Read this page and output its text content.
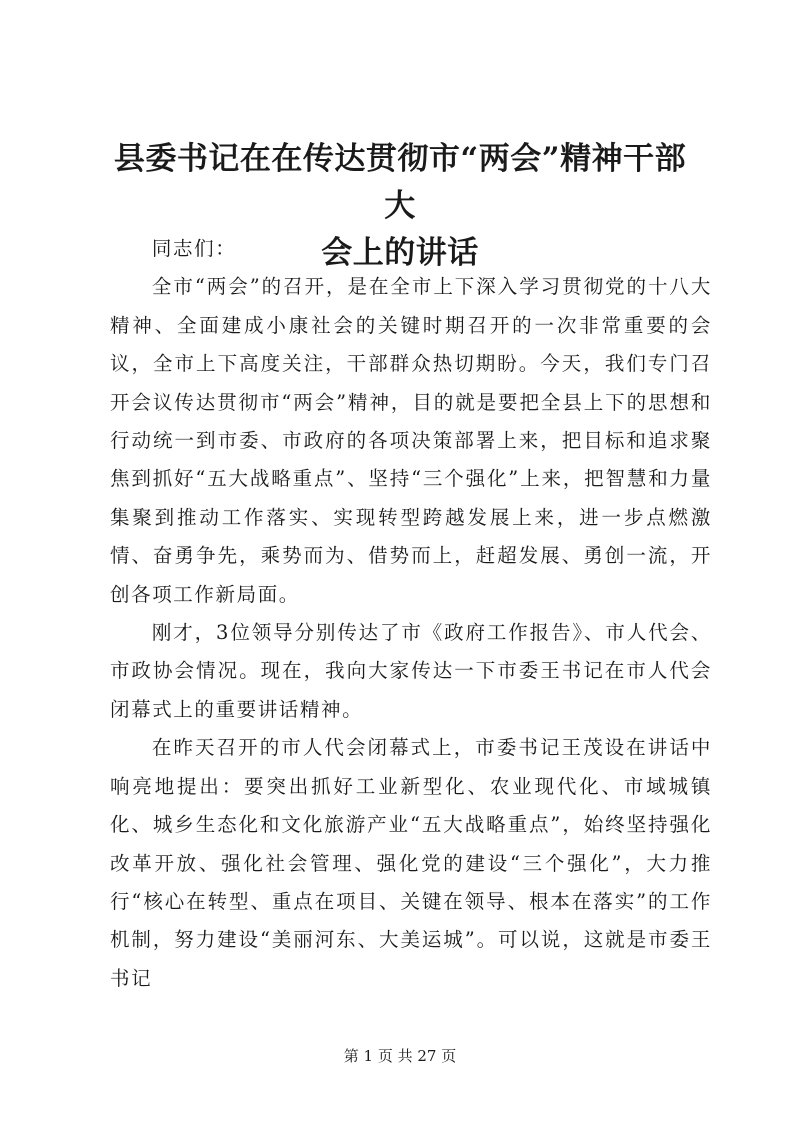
县委书记在在传达贯彻市“两会”精神干部大
会上的讲话

同志们：

全市“两会”的召开，是在全市上下深入学习贯彻党的十八大精神、全面建成小康社会的关键时期召开的一次非常重要的会议，全市上下高度关注，干部群众热切期盼。今天，我们专门召开会议传达贯彻市“两会”精神，目的就是要把全县上下的思想和行动统一到市委、市政府的各项决策部署上来，把目标和追求聚焦到抓好“五大战略重点”、坚持“三个强化”上来，把智慧和力量集聚到推动工作落实、实现转型跨越发展上来，进一步点燃激情、奋勇争先，乘势而为、借势而上，赶超发展、勇创一流，开创各项工作新局面。

刚才，3位领导分别传达了市《政府工作报告》、市人代会、市政协会情况。现在，我向大家传达一下市委王书记在市人代会闭幕式上的重要讲话精神。

在昨天召开的市人代会闭幕式上，市委书记王茂设在讲话中响亮地提出：要突出抓好工业新型化、农业现代化、市域城镇化、城乡生态化和文化旅游产业“五大战略重点”，始终坚持强化改革开放、强化社会管理、强化党的建设“三个强化”，大力推行“核心在转型、重点在项目、关键在领导、根本在落实”的工作机制，努力建设“美丽河东、大美运城”。可以说，这就是市委王书记

第 1 页 共 27 页
